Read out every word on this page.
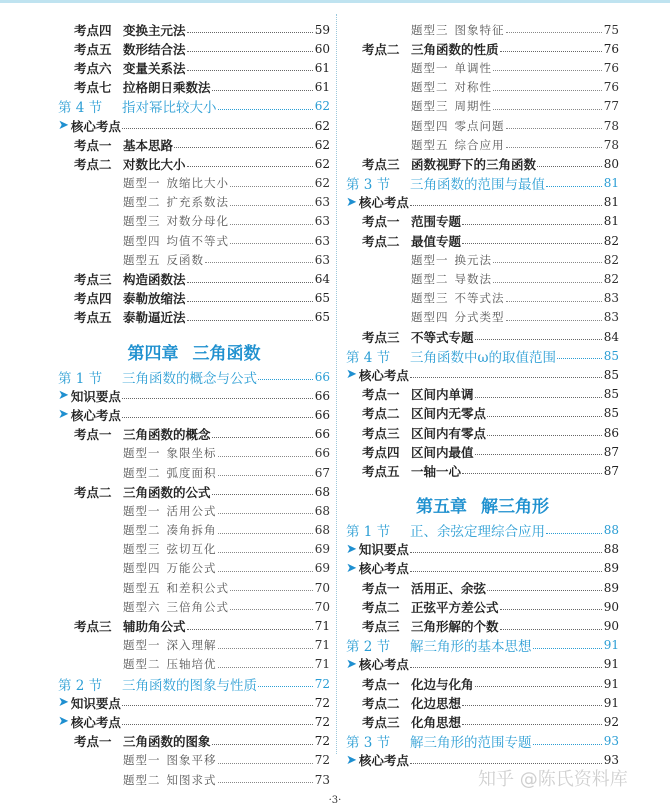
考点四 变换主元法	59
考点五 数形结合法	60
考点六 变量关系法	61
考点七 拉格朗日乘数法	61
第 4 节	指对幂比较大小	62
➤ 核心考点	62
考点一 基本思路	62
考点二 对数比大小	62
题型一 放缩比大小	62
题型二 扩充系数法	63
题型三 对数分母化	63
题型四 均值不等式	63
题型五 反函数	63
考点三 构造函数法	64
考点四 泰勒放缩法	65
考点五 泰勒逼近法	65
第四章 三角函数
第 1 节	三角函数的概念与公式	66
➤ 知识要点	66
➤ 核心考点	66
考点一 三角函数的概念	66
题型一 象限坐标	66
题型二 弧度面积	67
考点二 三角函数的公式	68
题型一 活用公式	68
题型二 凑角拆角	68
题型三 弦切互化	69
题型四 万能公式	69
题型五 和差积公式	70
题型六 三倍角公式	70
考点三 辅助角公式	71
题型一 深入理解	71
题型二 压轴培优	71
第 2 节	三角函数的图象与性质	72
➤ 知识要点	72
➤ 核心考点	72
考点一 三角函数的图象	72
题型一 图象平移	72
题型二 知图求式	73
题型三 图象特征	75
考点二 三角函数的性质	76
题型一 单调性	76
题型二 对称性	76
题型三 周期性	77
题型四 零点问题	78
题型五 综合应用	78
考点三 函数视野下的三角函数	80
第 3 节	三角函数的范围与最值	81
➤ 核心考点	81
考点一 范围专题	81
考点二 最值专题	82
题型一 换元法	82
题型二 导数法	82
题型三 不等式法	83
题型四 分式类型	83
考点三 不等式专题	84
第 4 节	三角函数中ω的取值范围	85
➤ 核心考点	85
考点一 区间内单调	85
考点二 区间内无零点	85
考点三 区间内有零点	86
考点四 区间内最值	87
考点五 一轴一心	87
第五章 解三角形
第 1 节	正、余弦定理综合应用	88
➤ 知识要点	88
➤ 核心考点	89
考点一 活用正、余弦	89
考点二 正弦平方差公式	90
考点三 三角形解的个数	90
第 2 节	解三角形的基本思想	91
➤ 核心考点	91
考点一 化边与化角	91
考点二 化边思想	91
考点三 化角思想	92
第 3 节	解三角形的范围专题	93
➤ 核心考点	93
知乎 @陈氏资料库
·3·
